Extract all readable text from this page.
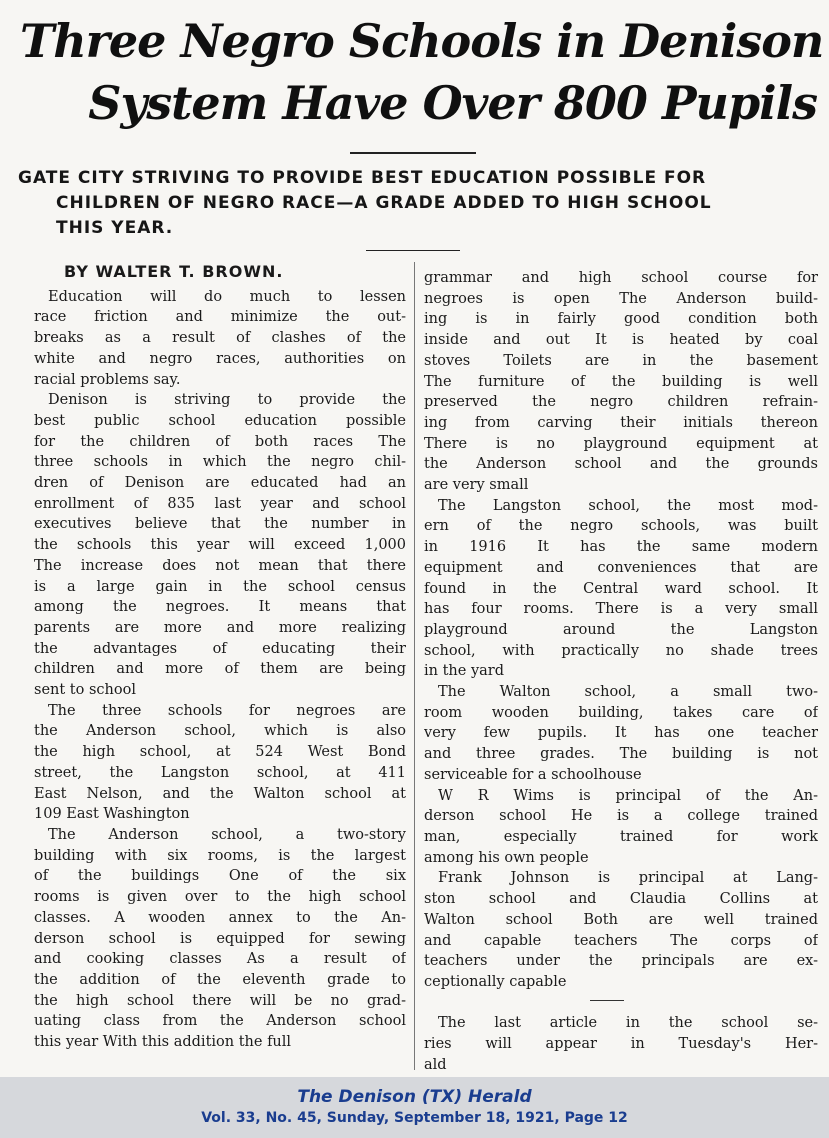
Three Negro Schools in Denison
System Have Over 800 Pupils
GATE CITY STRIVING TO PROVIDE BEST EDUCATION POSSIBLE FOR
CHILDREN OF NEGRO RACE—A GRADE ADDED TO HIGH SCHOOL
THIS YEAR.
BY WALTER T. BROWN.
Education will do much to lessen
race friction and minimize the out-
breaks as a result of clashes of the
white and negro races, authorities on
racial problems say.
Denison is striving to provide the
best public school education possible
for the children of both races The
three schools in which the negro chil-
dren of Denison are educated had an
enrollment of 835 last year and school
executives believe that the number in
the schools this year will exceed 1,000
The increase does not mean that there
is a large gain in the school census
among the negroes. It means that
parents are more and more realizing
the advantages of educating their
children and more of them are being
sent to school
The three schools for negroes are
the Anderson school, which is also
the high school, at 524 West Bond
street, the Langston school, at 411
East Nelson, and the Walton school at
109 East Washington
The Anderson school, a two-story
building with six rooms, is the largest
of the buildings One of the six
rooms is given over to the high school
classes. A wooden annex to the An-
derson school is equipped for sewing
and cooking classes As a result of
the addition of the eleventh grade to
the high school there will be no grad-
uating class from the Anderson school
this year With this addition the full
grammar and high school course for
negroes is open The Anderson build-
ing is in fairly good condition both
inside and out It is heated by coal
stoves Toilets are in the basement
The furniture of the building is well
preserved the negro children refrain-
ing from carving their initials thereon
There is no playground equipment at
the Anderson school and the grounds
are very small
The Langston school, the most mod-
ern of the negro schools, was built
in 1916 It has the same modern
equipment and conveniences that are
found in the Central ward school. It
has four rooms. There is a very small
playground around the Langston
school, with practically no shade trees
in the yard
The Walton school, a small two-
room wooden building, takes care of
very few pupils. It has one teacher
and three grades. The building is not
serviceable for a schoolhouse
W R Wims is principal of the An-
derson school He is a college trained
man, especially trained for work
among his own people
Frank Johnson is principal at Lang-
ston school and Claudia Collins at
Walton school Both are well trained
and capable teachers The corps of
teachers under the principals are ex-
ceptionally capable

The last article in the school se-
ries will appear in Tuesday's Her-
ald
The Denison (TX) Herald
Vol. 33, No. 45, Sunday, September 18, 1921, Page 12
